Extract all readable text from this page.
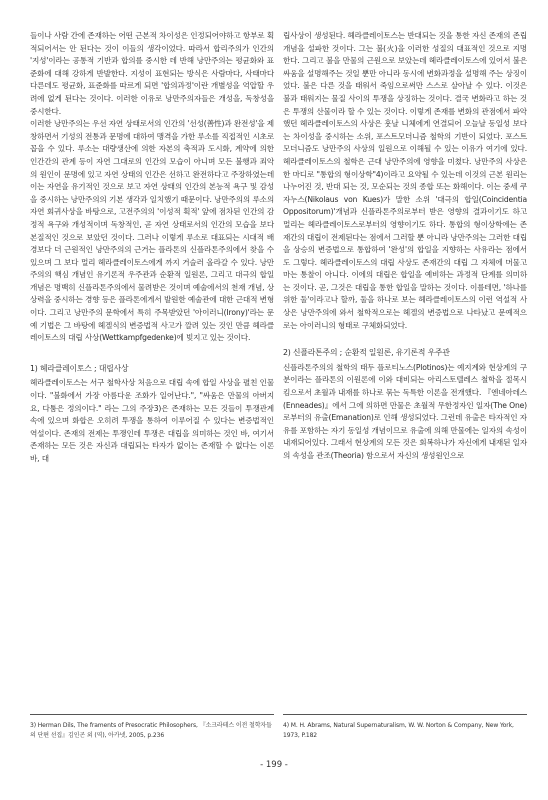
들이나 사람 간에 존재하는 어떤 근본적 차이성은 인정되어야하고 항부로 획적되어서는 안 된다는 것이 이들의 생각이었다. 따라서 합리주의가 인간의 '지성'이라는 공통적 기반과 합의를 중시한 데 반해 낭만주의는 평균화와 표준화에 대해 강하게 반발한다. 지성이 표현되는 방식은 사람마다, 사태마다 다른데도 평균화, 표준화를 따르게 되면 '합의과정'이란 개별성을 억압할 우려에 없게 된다는 것이다. 이러한 이유로 낭만주의자들은 개성을, 독창성을 중시한다.

이러한 낭만주의는 우선 자연 상태로서의 인간의 '선성(善性)과 완전성'을 제창하면서 기성의 전통과 문명에 대하여 맹격을 가한 루소를 직접적인 시초로 꼽을 수 있다. 루소는 대량생산에 의한 자본의 축적과 도시화, 계약에 의한 인간간의 관계 등이 자연 그대로의 인간의 모습이 아니며 모든 불행과 죄악의 원인이 문명에 있고 자연 상태의 인간은 선하고 완전하다고 주장하였는데 이는 자연을 유기적인 것으로 보고 자연 상태의 인간의 본능적 욕구 및 감성을 중시하는 낭만주의의 기본 생각과 일치했기 때문이다. 낭만주의의 루소의 자연 회귀사상을 바탕으로, 고전주의의 '이성적 획적' 앞에 점차된 인간의 감정적 욕구와 개성적이며 독창적인, 곧 자연 상태로서의 인간의 모습을 보다 본질적인 것으로 보았던 것이다. 그러나 이렇게 루소로 대표되는 시대적 배경보다 더 근원적인 낭만주의의 근거는 플라톤의 신플라톤주의에서 찾을 수 있으며 그 보다 멀리 헤라클레이토스에게 까지 거슬러 올라갈 수 있다. 낭만주의의 핵심 개념인 유기론적 우주관과 순환적 일원론, 그리고 대극의 합일 개념은 명백히 신플라톤주의에서 물려받은 것이며 예술에서의 천재 개념, 상상력을 중시하는 경향 등은 플라톤에게서 발원한 예술관에 대한 근대적 변형이다. 그리고 낭만주의 문학에서 특히 주목받았던 '아이러니(Irony)'라는 문예 기법은 그 바탕에 헤겔식의 변증법적 사고가 깔려 있는 것인 만큼 헤라클레이토스의 대립 사상(Wettkampfgedenke)에 빚지고 있는 것이다.

1) 헤라클레이토스 ; 대립사상

헤라클레이토스는 서구 철학사상 처음으로 대립 속에 합일 사상을 펼친 인물이다. "불화에서 가장 아름다운 조화가 일어난다.", "싸움은 만물의 아버지요, 다툼은 정의이다." 라는 그의 주장3)은 존재하는 모든 것들이 투쟁관계 속에 있으며 화합은 오히려 투쟁을 통하여 이루어질 수 있다는 변증법적인 역설이다. 존재의 전제는 투쟁인데 투쟁은 대립을 의미하는 것인 바, 여기서 존재하는 모든 것은 자신과 대립되는 타자가 없이는 존재할 수 없다는 이론바, 대

립사상이 생성된다. 헤라클레이토스는 반대되는 것을 통한 자신 존재의 존립 개념을 설파한 것이다. 그는 불(火)을 이러한 성질의 대표적인 것으로 지명한다. 그리고 불을 만물의 근원으로 보았는데 헤라클레이토스에 있어서 불은 싸움을 설명해주는 것일 뿐만 아니라 동시에 변화과정을 설명해 주는 상징이었다. 불은 다른 것을 태워서 죽임으로써만 스스로 살아날 수 있다. 이것은 불과 태워지는 물질 사이의 투쟁을 상징하는 것이다. 결국 변화라고 하는 것은 투쟁의 산물이라 할 수 있는 것이다. 이렇게 존재를 변화의 관점에서 파악했던 헤라클레이토스의 사상은 훗날 니체에게 연결되어 오늘날 동일성 보다는 차이성을 중시하는 소위, 포스트모더니즘 철학의 기반이 되었다. 포스트모더니즘도 낭만주의 사상의 일원으로 이해될 수 있는 이유가 여기에 있다. 헤라클레이토스의 철학은 근대 낭만주의에 영향을 미쳤다. 낭만주의 사상은 한 마디로 "통합의 형이상학"4)이라고 요약될 수 있는데 이것의 근본 원리는 나누어진 것, 반대 되는 것, 모순되는 것의 종합 또는 화해이다. 이는 중세 쿠자누스(Nikolaus von Kues)가 말한 소위 '대극의 합일(Coincidentia Oppositorum)'개념과 신플라톤주의로부터 받은 영향의 결과이기도 하고 멀리는 헤라클레이토스로부터의 영향이기도 하다. 통합의 형이상학에는 존재간의 대립이 전제된다는 점에서 그러할 뿐 아니라 낭만주의는 그러한 대립을 상승의 변증법으로 통합하여 '완성'의 합일을 지향하는 사유라는 점에서도 그렇다. 헤라클레이토스의 대립 사상도 존재간의 대립 그 자체에 머물고 마는 통찰이 아니다. 이에의 대립은 합일을 예비하는 과정적 단계를 의미하는 것이다. 곧, 그것은 대립을 통한 합일을 말하는 것이다. 이를테면, '하나를 위한 둘'이라고나 할까, 둘을 하나로 보는 헤라클레이토스의 이런 역설적 사상은 낭만주의에 와서 철학적으로는 헤겔의 변증법으로 나타났고 문예적으로는 아이러니의 형태로 구체화되었다.

2) 신플라톤주의 ; 순환적 일원론, 유기론적 우주관

신플라톤주의의 철학의 태두 플로티노스(Plotinos)는 예지계와 현상계의 구분이라는 플라톤의 이원론에 이와 대비되는 아리스토텔레스 철학을 절목시킴으로서 초월과 내재를 하나로 묶는 독특한 이론을 전개했다. 『엔네아데스(Enneades)』에서 그에 의하면 만물은 초월적 무한정자인 일자(The One)로부터의 유출(Emanation)로 인해 생성되었다. 그런데 유출은 타자적인 자유를 포함하는 자기 동일성 개념이므로 유출에 의해 만물에는 일자의 속성이 내재되어있다. 그래서 현상계의 모든 것은 회복하나가 자신에게 내재된 일자의 속성을 관조(Theoria) 함으로서 자신의 생성원인으로

3) Herman Dils, The framents of Presocratic Philosophers, 『소크라테스 이전 철학자들의 단편 선집』김인곤 외 (역), 아카넷, 2005, p.236
4) M. H. Abrams, Natural Supernaturalism, W. W. Norton & Company, New York, 1973, P.182
- 199 -
